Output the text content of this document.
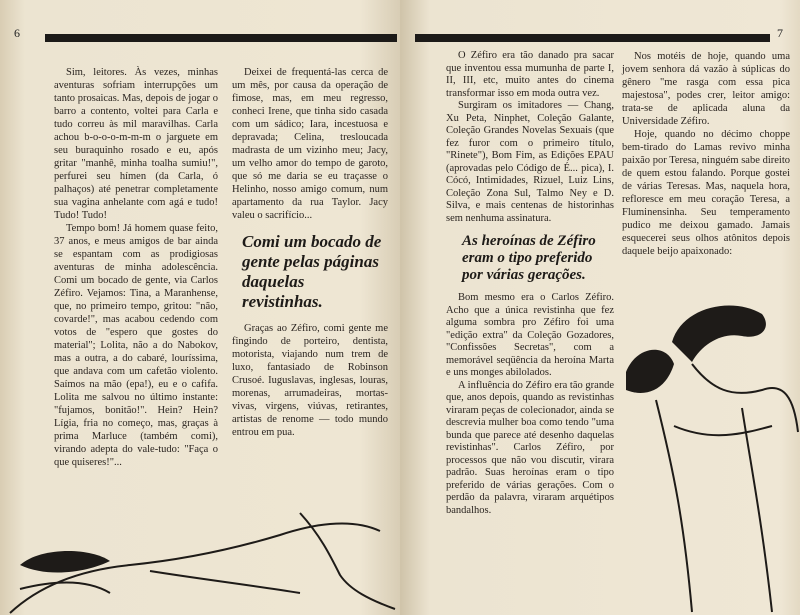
6

Sim, leitores. Às vezes, minhas aventuras sofriam interrupções um tanto prosaicas. Mas, depois de jogar o barro a contento, voltei para Carla e tudo correu às mil maravilhas. Carla achou b-o-o-o-m-m-m o jarguete em seu buraquinho rosado e eu, após gritar "manhê, minha toalha sumiu!", perfurei seu hímen (da Carla, ó palhaços) até penetrar completamente sua vagina anhelante com agá e tudo! Tudo! Tudo!

Tempo bom! Já homem quase feito, 37 anos, e meus amigos de bar ainda se espantam com as prodigiosas aventuras de minha adolescência. Comi um bocado de gente, via Carlos Zéfiro. Vejamos: Tina, a Maranhense, que, no primeiro tempo, gritou: "não, covarde!", mas acabou cedendo com votos de "espero que gostes do material"; Lolita, não a do Nabokov, mas a outra, a do cabaré, louríssima, que andava com um cafetão violento. Saímos na mão (epa!), eu e o cafifa. Lolita me salvou no último instante: "fujamos, bonitão!". Hein? Hein? Lígia, fria no começo, mas, graças à prima Marluce (também comi), virando adepta do vale-tudo: "Faça o que quiseres!"...

Deixei de frequentá-las cerca de um mês, por causa da operação de fimose, mas, em meu regresso, conheci Irene, que tinha sido casada com um sádico; Iara, incestuosa e depravada; Celina, tresloucada madrasta de um vizinho meu; Jacy, um velho amor do tempo de garoto, que só me daria se eu traçasse o Helinho, nosso amigo comum, num apartamento da rua Taylor. Jacy valeu o sacrifício...

Comi um bocado de gente pelas páginas daquelas revistinhas.

Graças ao Zéfiro, comi gente me fingindo de porteiro, dentista, motorista, viajando num trem de luxo, fantasiado de Robinson Crusoé. Iuguslavas, inglesas, louras, morenas, arrumadeiras, mortas-vivas, virgens, viúvas, retirantes, artistas de renome — todo mundo entrou em pua.

7

O Zéfiro era tão danado pra sacar que inventou essa mumunha de parte I, II, III, etc, muito antes do cinema transformar isso em moda outra vez.

Surgiram os imitadores — Chang, Xu Peta, Ninphet, Coleção Galante, Coleção Grandes Novelas Sexuais (que fez furor com o primeiro título, "Rinete"), Bom Fim, as Edições EPAU (aprovadas pelo Código de É... pica), I. Cócó, Intimidades, Rizuel, Luiz Lins, Coleção Zona Sul, Talmo Ney e D. Silva, e mais centenas de historinhas sem nenhuma assinatura.

As heroínas de Zéfiro eram o tipo preferido por várias gerações.

Bom mesmo era o Carlos Zéfiro. Acho que a única revistinha que fez alguma sombra pro Zéfiro foi uma "edição extra" da Coleção Gozadores, "Confissões Secretas", com a memorável seqüência da heroína Marta e uns monges abilolados.

A influência do Zéfiro era tão grande que, anos depois, quando as revistinhas viraram peças de colecionador, ainda se descrevia mulher boa como tendo "uma bunda que parece até desenho daquelas revistinhas". Carlos Zéfiro, por processos que não vou discutir, virara padrão. Suas heroínas eram o tipo preferido de várias gerações. Com o perdão da palavra, viraram arquétipos bandalhos.

Nos motéis de hoje, quando uma jovem senhora dá vazão à súplicas do gênero "me rasga com essa pica majestosa", podes crer, leitor amigo: trata-se de aplicada aluna da Universidade Zéfiro.

Hoje, quando no décimo choppe bem-tirado do Lamas revivo minha paixão por Teresa, ninguém sabe direito de quem estou falando. Porque gostei de várias Teresas. Mas, naquela hora, refloresce em meu coração Teresa, a Fluminensinha. Seu temperamento pudico me deixou gamado. Jamais esquecerei seus olhos atônitos depois daquele beijo apaixonado:
